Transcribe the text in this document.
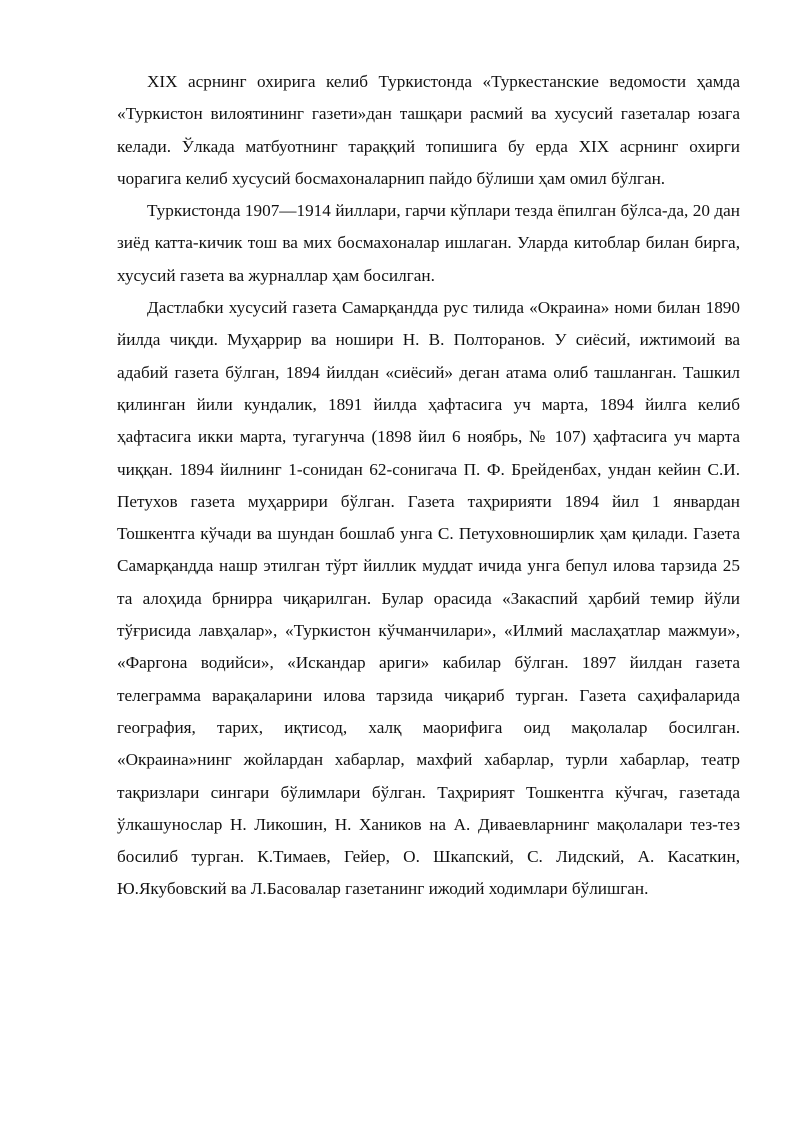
XIX асрнинг охирига келиб Туркистонда «Туркестанские ведомости ҳамда «Туркистон вилоятининг газети»дан ташқари расмий ва хусусий газеталар юзага келади. Ўлкада матбуотнинг тараққий топишига бу ерда XIX асрнинг охирги чорагига келиб хусусий босмахоналарнип пайдо бўлиши ҳам омил бўлган.

Туркистонда 1907—1914 йиллари, гарчи кўплари тезда ёпилган бўлса-да, 20 дан зиёд катта-кичик тош ва мих босмахоналар ишлаган. Уларда китоблар билан бирга, хусусий газета ва журналлар ҳам босилган.

Дастлабки хусусий газета Самарқандда рус тилида «Окраина» номи билан 1890 йилда чиқди. Муҳаррир ва ношири Н. В. Полторанов. У сиёсий, ижтимоий ва адабий газета бўлган, 1894 йилдан «сиёсий» деган атама олиб ташланган. Ташкил қилинган йили кундалик, 1891 йилда ҳафтасига уч марта, 1894 йилга келиб ҳафтасига икки марта, тугагунча (1898 йил 6 ноябрь, № 107) ҳафтасига уч марта чиққан. 1894 йилнинг 1-сонидан 62-сонигача П. Ф. Брейденбах, ундан кейин С.И. Петухов газета муҳаррири бўлган. Газета таҳририяти 1894 йил 1 январдан Тошкентга кўчади ва шундан бошлаб унга С. Петуховноширлик ҳам қилади. Газета Самарқандда нашр этилган тўрт йиллик муддат ичида унга бепул илова тарзида 25 та алоҳида брнирра чиқарилган. Булар орасида «Закаспий ҳарбий темир йўли тўғрисида лавҳалар», «Туркистон кўчманчилари», «Илмий маслаҳатлар мажмуи», «Фаргона водийси», «Искандар ариги» кабилар бўлган. 1897 йилдан газета телеграмма варақаларини илова тарзида чиқариб турган. Газета саҳифаларида география, тарих, иқтисод, халқ маорифига оид мақолалар босилган. «Окраина»нинг жойлардан хабарлар, махфий хабарлар, турли хабарлар, театр тақризлари сингари бўлимлари бўлган. Таҳририят Тошкентга кўчгач, газетада ўлкашунослар Н. Ликошин, Н. Хаников на А. Диваевларнинг мақолалари тез-тез босилиб турган. К.Тимаев, Гейер, О. Шкапский, С. Лидский, А. Касаткин, Ю.Якубовский ва Л.Басовалар газетанинг ижодий ходимлари бўлишган.
